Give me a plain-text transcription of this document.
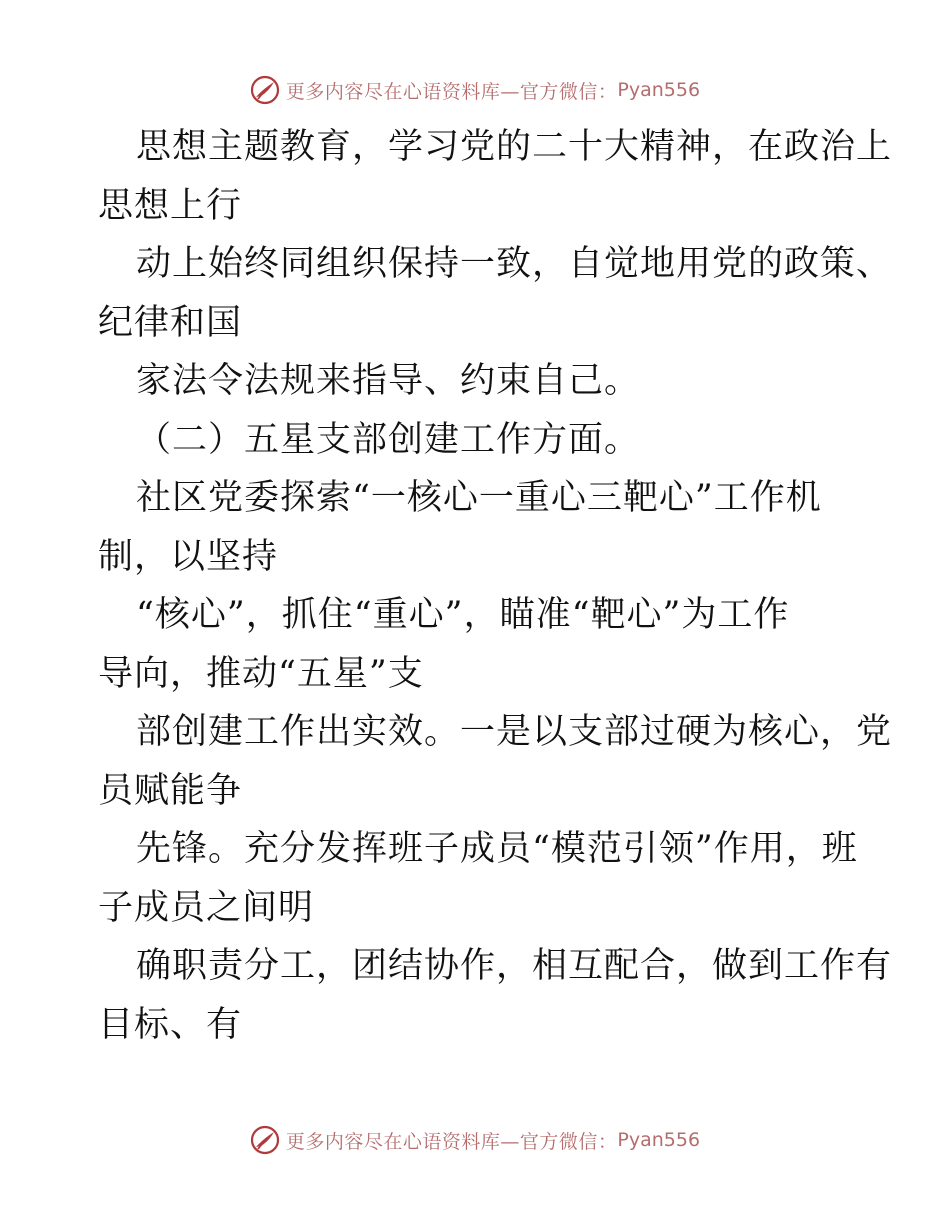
更多内容尽在心语资料库—官方微信： Pyan556
思想主题教育，学习党的二十大精神，在政治上
思想上行
动上始终同组织保持一致，自觉地用党的政策、
纪律和国
家法令法规来指导、约束自己。
（二）五星支部创建工作方面。
社区党委探索“一核心一重心三靶心”工作机
制，以坚持
“核心”，抓住“重心”，瞄准“靶心”为工作
导向，推动“五星”支
部创建工作出实效。一是以支部过硬为核心，党
员赋能争
先锋。充分发挥班子成员“模范引领”作用，班
子成员之间明
确职责分工，团结协作，相互配合，做到工作有
目标、有
更多内容尽在心语资料库—官方微信： Pyan556
